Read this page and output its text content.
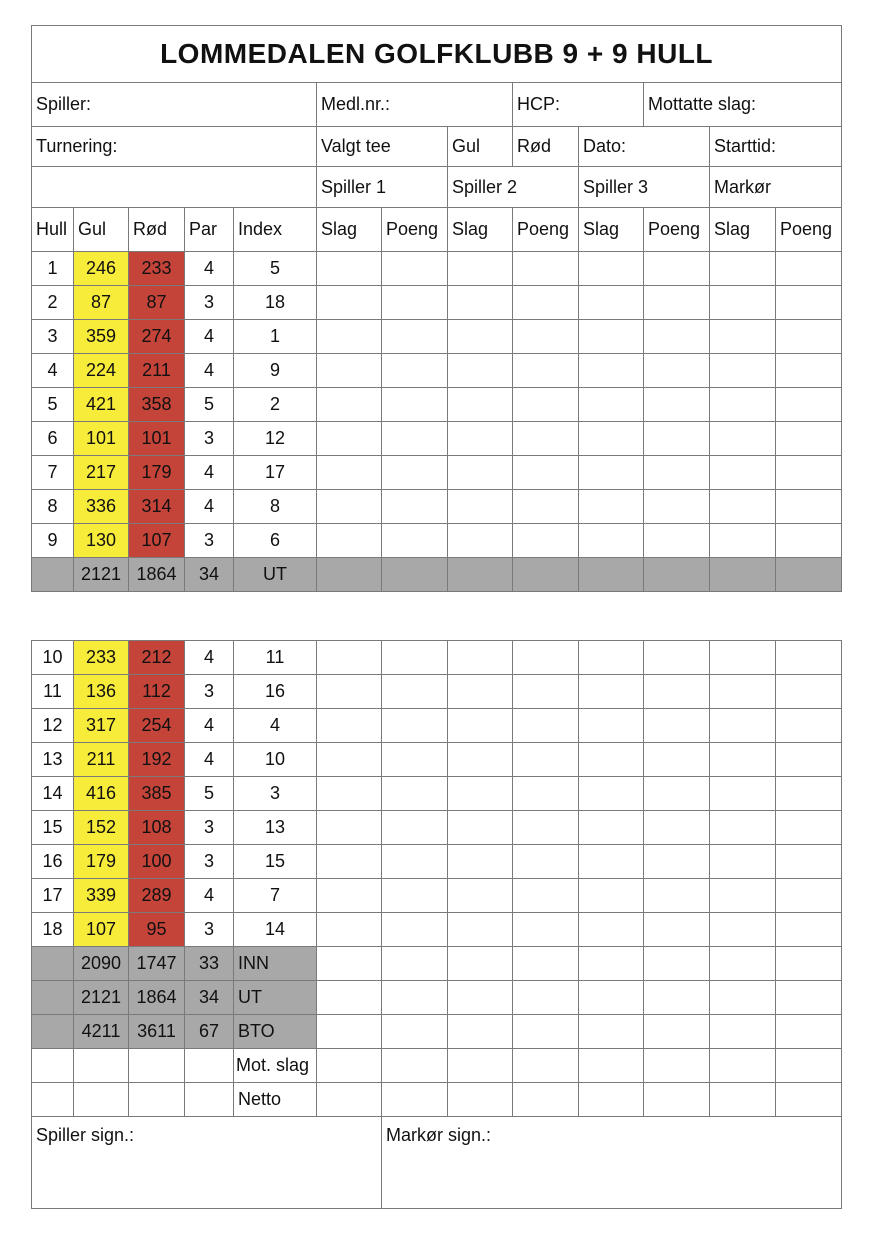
LOMMEDALEN GOLFKLUBB 9 + 9 HULL												
Spiller:					Medl.nr.:			HCP:		Mottatte slag:		
Turnering:					Valgt tee		Gul	Rød	Dato:		Starttid:	
					Spiller 1		Spiller 2		Spiller 3		Markør	
Hull	Gul	Rød	Par	Index	Slag	Poeng	Slag	Poeng	Slag	Poeng	Slag	Poeng
1	246	233	4	5								
2	87	87	3	18								
3	359	274	4	1								
4	224	211	4	9								
5	421	358	5	2								
6	101	101	3	12								
7	217	179	4	17								
8	336	314	4	8								
9	130	107	3	6								
	2121	1864	34	UT								
10	233	212	4	11								
11	136	112	3	16								
12	317	254	4	4								
13	211	192	4	10								
14	416	385	5	3								
15	152	108	3	13								
16	179	100	3	15								
17	339	289	4	7								
18	107	95	3	14								
	2090	1747	33	INN								
	2121	1864	34	UT								
	4211	3611	67	BTO								
				Mot. slag								
				Netto								
Spiller sign.:						Markør sign.:						
